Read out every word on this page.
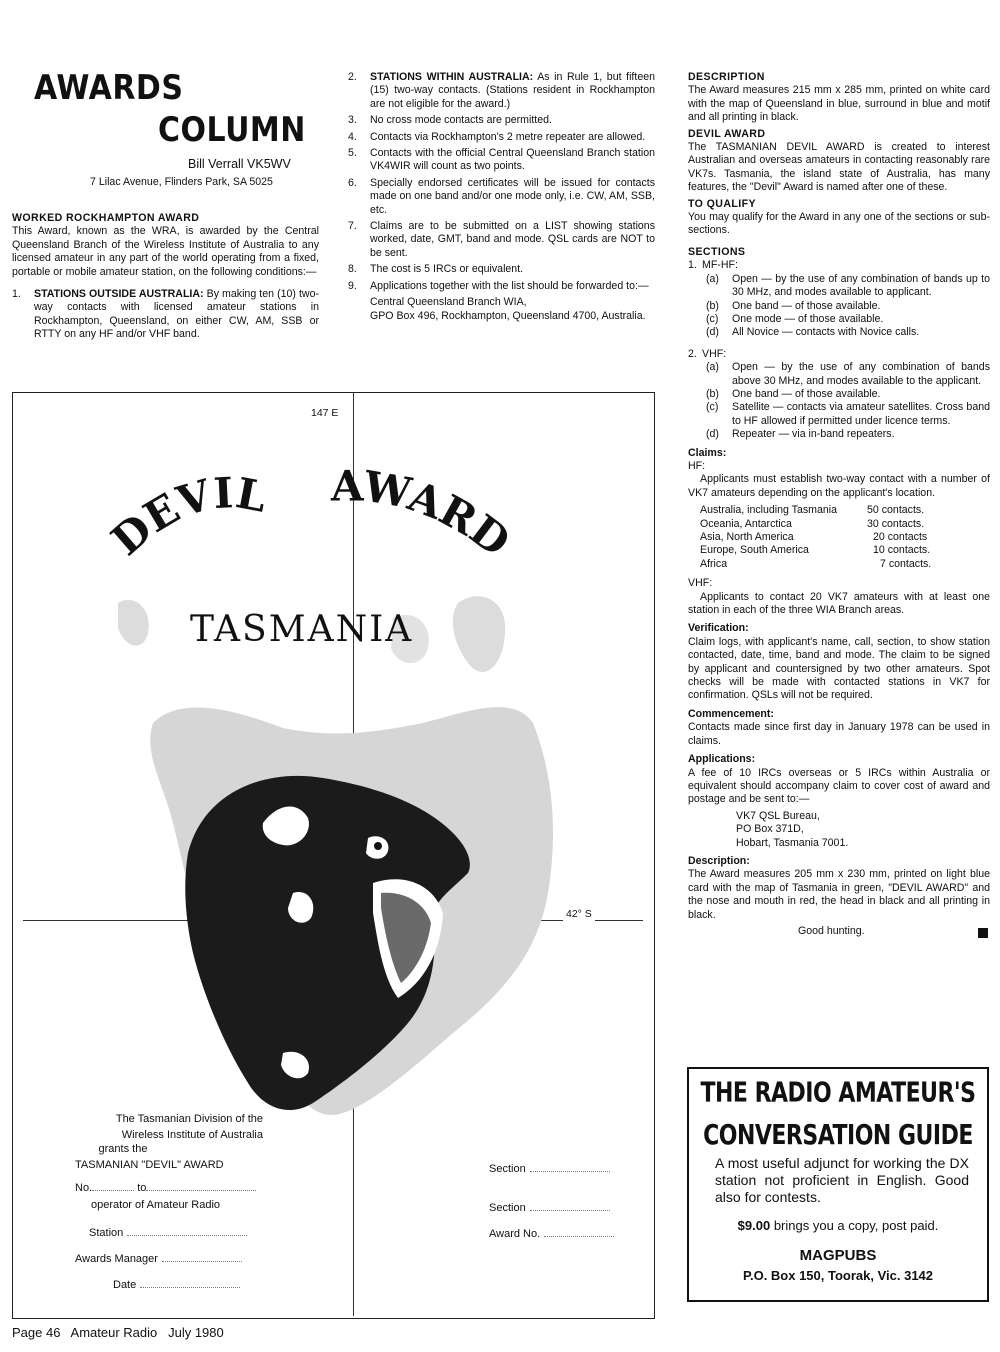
AWARDS
COLUMN
Bill Verrall VK5WV
7 Lilac Avenue, Flinders Park, SA 5025
WORKED ROCKHAMPTON AWARD

This Award, known as the WRA, is awarded by the Central Queensland Branch of the Wireless Institute of Australia to any licensed amateur in any part of the world operating from a fixed, portable or mobile amateur station, on the following conditions:—

1. STATIONS OUTSIDE AUSTRALIA: By making ten (10) two-way contacts with licensed amateur stations in Rockhampton, Queensland, on either CW, AM, SSB or RTTY on any HF and/or VHF band.
2. STATIONS WITHIN AUSTRALIA: As in Rule 1, but fifteen (15) two-way contacts. (Stations resident in Rockhampton are not eligible for the award.)
3. No cross mode contacts are permitted.
4. Contacts via Rockhampton's 2 metre repeater are allowed.
5. Contacts with the official Central Queensland Branch station VK4WIR will count as two points.
6. Specially endorsed certificates will be issued for contacts made on one band and/or one mode only, i.e. CW, AM, SSB, etc.
7. Claims are to be submitted on a LIST showing stations worked, date, GMT, band and mode. QSL cards are NOT to be sent.
8. The cost is 5 IRCs or equivalent.
9. Applications together with the list should be forwarded to:—
Central Queensland Branch WIA,

GPO Box 496, Rockhampton, Queensland 4700, Australia.

DESCRIPTION

The Award measures 215 mm x 285 mm, printed on white card with the map of Queensland in blue, surround in blue and motif and all printing in black.

DEVIL AWARD

The TASMANIAN DEVIL AWARD is created to interest Australian and overseas amateurs in contacting reasonably rare VK7s. Tasmania, the island state of Australia, has many features, the "Devil" Award is named after one of these.

TO QUALIFY

You may qualify for the Award in any one of the sections or sub-sections.

SECTIONS
1. MF-HF:
(a) Open — by the use of any combination of bands up to 30 MHz, and modes available to applicant.
(b) One band — of those available.
(c) One mode — of those available.
(d) All Novice — contacts with Novice calls.
2. VHF:
(a) Open — by the use of any combination of bands above 30 MHz, and modes available to the applicant.
(b) One band — of those available.
(c) Satellite — contacts via amateur satellites. Cross band to HF allowed if permitted under licence terms.
(d) Repeater — via in-band repeaters.
Claims:
HF:

Applicants must establish two-way contact with a number of VK7 amateurs depending on the applicant's location.

Australia, including Tasmania	50 contacts.
Oceania, Antarctica	30 contacts.
Asia, North America	20 contacts
Europe, South America	10 contacts.
Africa	7 contacts.
VHF:

Applicants to contact 20 VK7 amateurs with at least one station in each of the three WIA Branch areas.

Verification:

Claim logs, with applicant's name, call, section, to show station contacted, date, time, band and mode. The claim to be signed by applicant and countersigned by two other amateurs. Spot checks will be made with contacted stations in VK7 for confirmation. QSLs will not be required.

Commencement:

Contacts made since first day in January 1978 can be used in claims.

Applications:

A fee of 10 IRCs overseas or 5 IRCs within Australia or equivalent should accompany claim to cover cost of award and postage and be sent to:—

VK7 QSL Bureau,
PO Box 371D,
Hobart, Tasmania 7001.
Description:

The Award measures 205 mm x 230 mm, printed on light blue card with the map of Tasmania in green, "DEVIL AWARD" and the nose and mouth in red, the head in black and all printing in black.

Good hunting.
147 E
42° S
DEVIL AWARD
TASMANIA
The Tasmanian Division of the
Wireless Institute of Australia
grants the
TASMANIAN "DEVIL" AWARD
No.	to
operator of Amateur Radio
Station
Awards Manager
Date
Section
Section
Award No.
THE RADIO AMATEUR'S
CONVERSATION GUIDE
A most useful adjunct for working the DX station not proficient in English. Good also for contests.
$9.00 brings you a copy, post paid.
MAGPUBS
P.O. Box 150, Toorak, Vic. 3142
Page 46   Amateur Radio   July 1980
